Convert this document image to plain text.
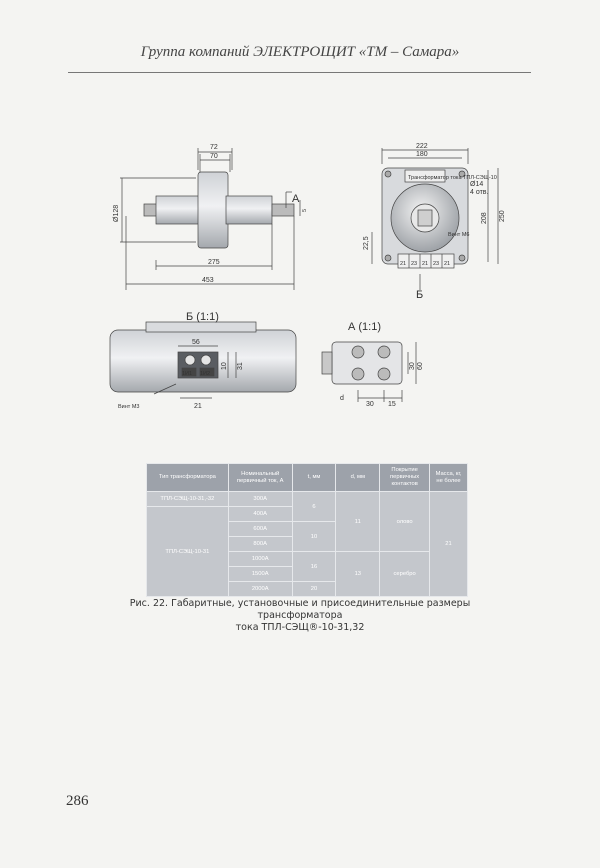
Группа компаний ЭЛЕКТРОЩИТ «ТМ – Самара»
72
70
Ø128
275
453
А
5
222
180
Ø14
4 отв.
208 250
22,5
Винт М6
21 23 21 23 21
Б
Трансформатор тока ТПЛ-СЭЩ-10
Б (1:1)
56
10 31
21
Винт М3
1И1 1И2
А (1:1)
30 60
d
30 15
Тип трансформатора	Номинальный первичный ток, А	t, мм	d, мм	Покрытие первичных контактов	Масса, кг, не более
ТПЛ-СЭЩ-10-31,-32	300А	6	11	олово	21
ТПЛ-СЭЩ-10-31	400А				
	600А	10			
	800А				
	1000А	16	13	серебро	
	1500А				
	2000А	20			
Рис. 22. Габаритные, установочные и присоединительные размеры трансформатора
тока ТПЛ-СЭЩ®-10-31,32
286
